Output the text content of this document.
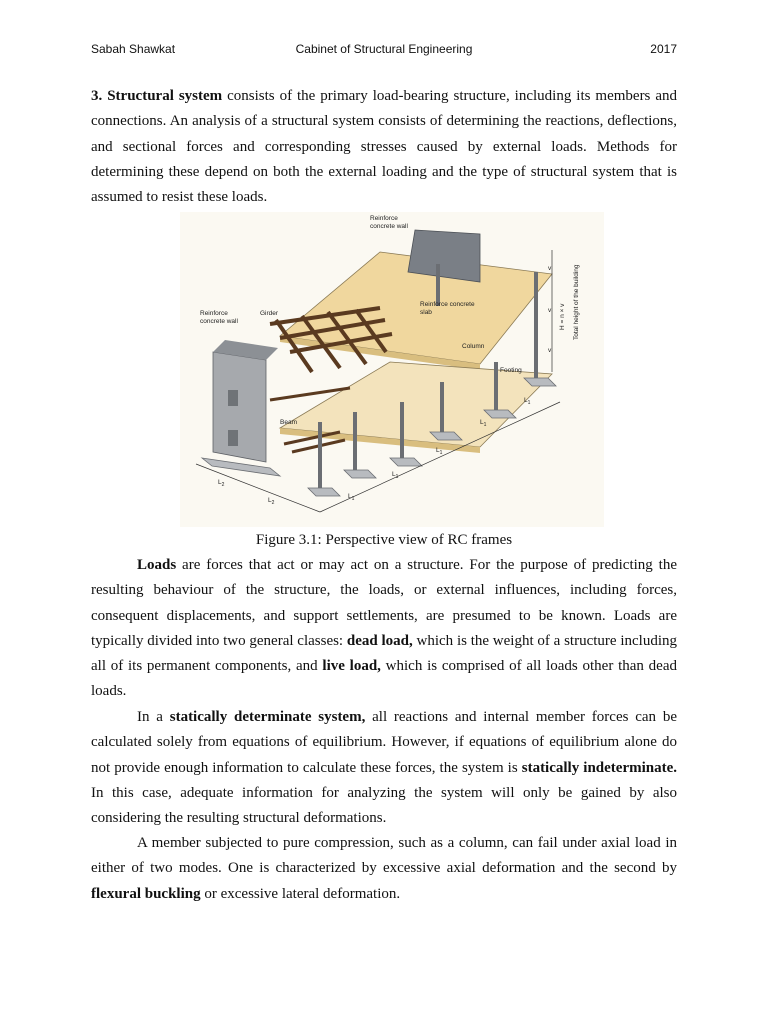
Sabah Shawkat	Cabinet of Structural Engineering	2017

3. Structural system consists of the primary load-bearing structure, including its members and connections. An analysis of a structural system consists of determining the reactions, deflections, and sectional forces and corresponding stresses caused by external loads. Methods for determining these depend on both the external loading and the type of structural system that is assumed to resist these loads.

Reinforce
concrete wall
Reinforce
concrete wall
Girder
Reinforce concrete
slab
Column
Footing
Beam
v
v
v
H = n × v Total height of the building
$L_1$
$L_1$
$L_1$
$L_1$
$L_1$
$L_2$
$L_2$
Figure 3.1: Perspective view of RC frames

Loads are forces that act or may act on a structure. For the purpose of predicting the resulting behaviour of the structure, the loads, or external influences, including forces, consequent displacements, and support settlements, are presumed to be known. Loads are typically divided into two general classes: dead load, which is the weight of a structure including all of its permanent components, and live load, which is comprised of all loads other than dead loads.

In a statically determinate system, all reactions and internal member forces can be calculated solely from equations of equilibrium. However, if equations of equilibrium alone do not provide enough information to calculate these forces, the system is statically indeterminate. In this case, adequate information for analyzing the system will only be gained by also considering the resulting structural deformations.

A member subjected to pure compression, such as a column, can fail under axial load in either of two modes. One is characterized by excessive axial deformation and the second by flexural buckling or excessive lateral deformation.
